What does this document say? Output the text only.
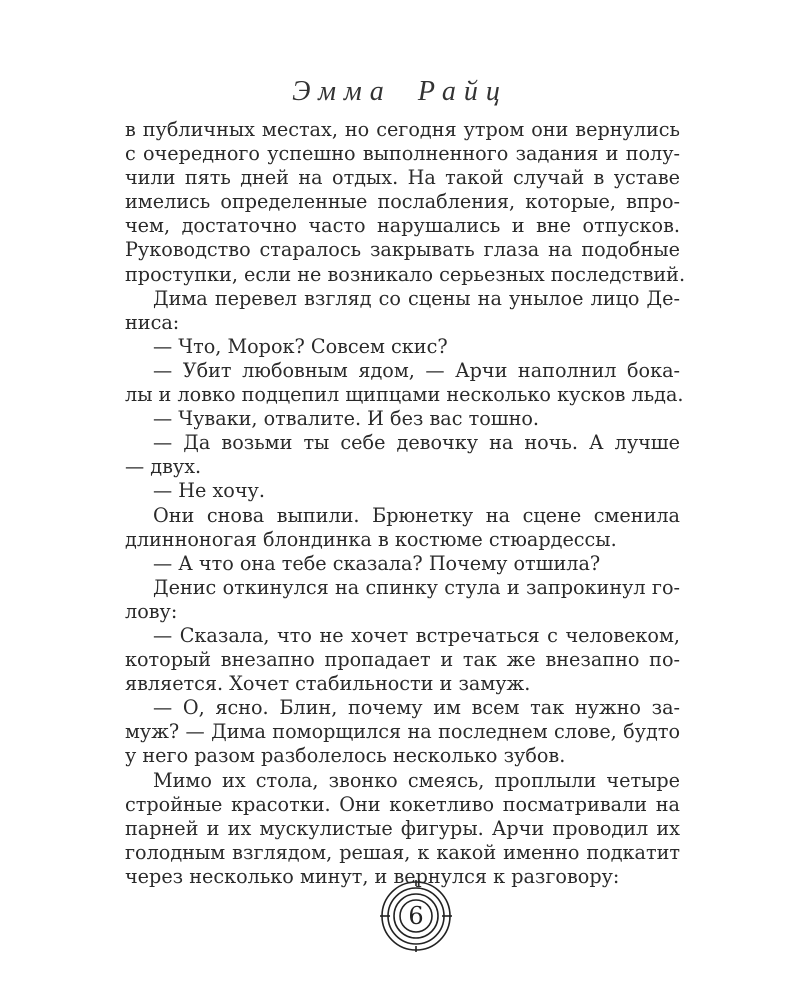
Эмма Райц
в публичных местах, но сегодня утром они вернулись
с очередного успешно выполненного задания и полу-
чили пять дней на отдых. На такой случай в уставе
имелись определенные послабления, которые, впро-
чем, достаточно часто нарушались и вне отпусков.
Руководство старалось закрывать глаза на подобные
проступки, если не возникало серьезных последствий.
Дима перевел взгляд со сцены на унылое лицо Де-
ниса:
— Что, Морок? Совсем скис?
— Убит любовным ядом, — Арчи наполнил бока-
лы и ловко подцепил щипцами несколько кусков льда.
— Чуваки, отвалите. И без вас тошно.
— Да возьми ты себе девочку на ночь. А лучше
— двух.
— Не хочу.
Они снова выпили. Брюнетку на сцене сменила
длинноногая блондинка в костюме стюардессы.
— А что она тебе сказала? Почему отшила?
Денис откинулся на спинку стула и запрокинул го-
лову:
— Сказала, что не хочет встречаться с человеком,
который внезапно пропадает и так же внезапно по-
является. Хочет стабильности и замуж.
— О, ясно. Блин, почему им всем так нужно за-
муж? — Дима поморщился на последнем слове, будто
у него разом разболелось несколько зубов.
Мимо их стола, звонко смеясь, проплыли четыре
стройные красотки. Они кокетливо посматривали на
парней и их мускулистые фигуры. Арчи проводил их
голодным взглядом, решая, к какой именно подкатит
через несколько минут, и вернулся к разговору:
6
